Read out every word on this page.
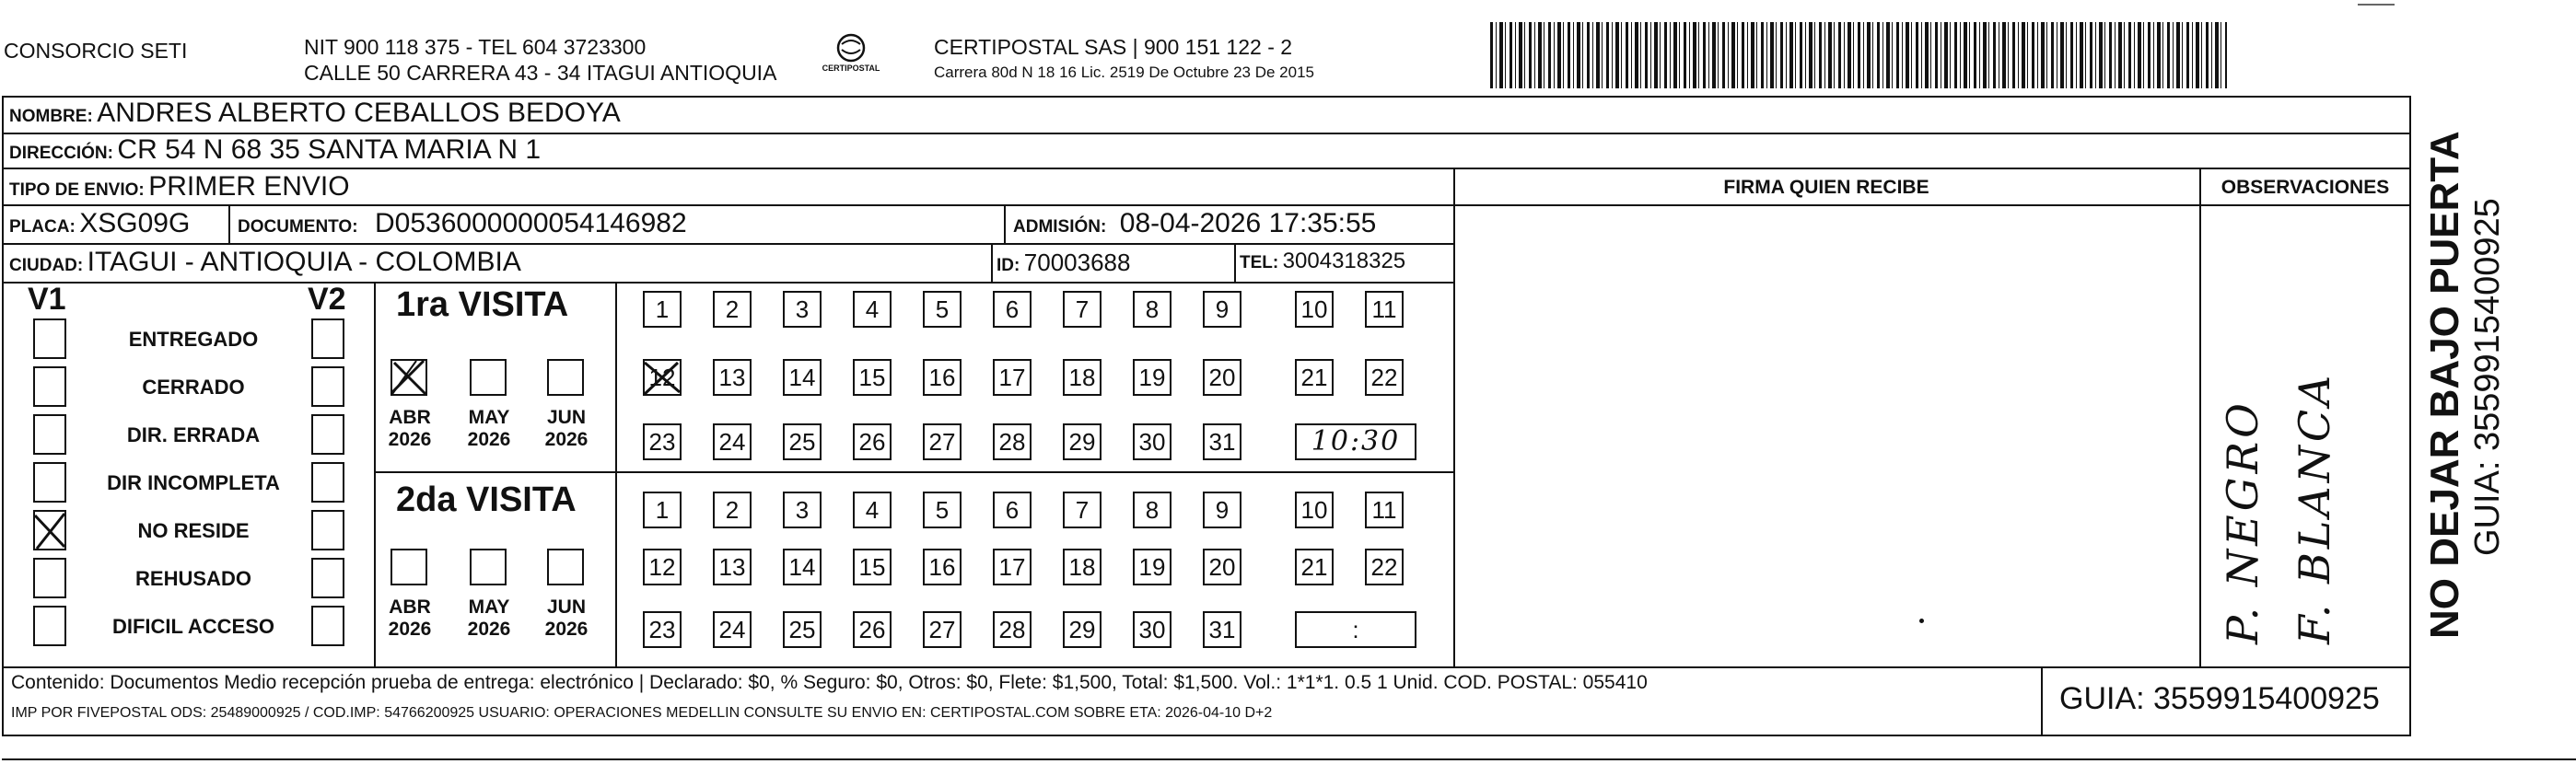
CONSORCIO SETI	NIT 900 118 375 - TEL 604 3723300
CALLE 50 CARRERA 43 - 34 ITAGUI ANTIOQUIA	CERTIPOSTAL
CERTIPOSTAL SAS | 900 151 122 - 2
Carrera 80d N 18 16 Lic. 2519 De Octubre 23 De 2015
NOMBRE: ANDRES ALBERTO CEBALLOS BEDOYA
DIRECCIÓN: CR 54 N 68 35 SANTA MARIA N 1
TIPO DE ENVIO: PRIMER ENVIO	FIRMA QUIEN RECIBE	OBSERVACIONES
PLACA: XSG09G	DOCUMENTO: D0536000000054146982	ADMISIÓN: 08-04-2026 17:35:55
CIUDAD: ITAGUI - ANTIOQUIA - COLOMBIA	ID: 70003688	TEL: 3004318325
V1	V2
ENTREGADO
CERRADO
DIR. ERRADA
DIR INCOMPLETA
NO RESIDE
REHUSADO
DIFICIL ACCESO
1ra VISITA
ABR
2026
MAY
2026
JUN
2026
1	2	3	4	5	6	7	8	9	10 11
12 13 14 15 16 17 18 19 20	21 22
23 24 25 26 27 28 29 30 31	10:30
2da VISITA
ABR
2026
MAY
2026
JUN
2026
1	2	3	4	5	6	7	8	9	10 11
12 13 14 15 16 17 18 19 20	21 22
23 24 25 26 27 28 29 30 31	:	P. NEGRO F. BLANCA NO DEJAR BAJO PUERTA GUIA: 3559915400925
Contenido: Documentos Medio recepción prueba de entrega: electrónico | Declarado: $0, % Seguro: $0, Otros: $0, Flete: $1,500, Total: $1,500. Vol.: 1*1*1. 0.5 1 Unid. COD. POSTAL: 055410
IMP POR FIVEPOSTAL ODS: 25489000925 / COD.IMP: 54766200925 USUARIO: OPERACIONES MEDELLIN CONSULTE SU ENVIO EN: CERTIPOSTAL.COM SOBRE ETA: 2026-04-10 D+2	GUIA: 3559915400925
